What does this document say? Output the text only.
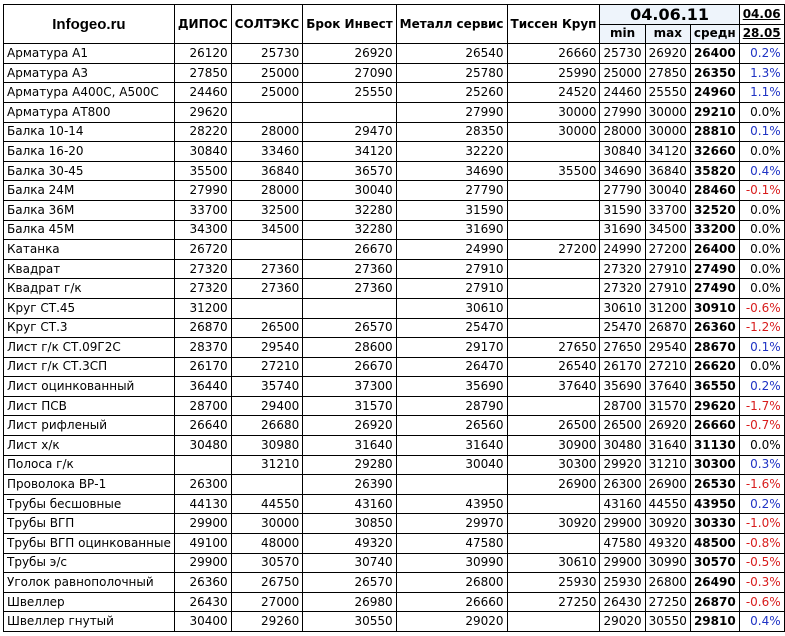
Infogeo.ru	ДИПОС	СОЛТЭКС	Брок Инвест	Металл сервис	Тиссен Круп	04.06.11			04.06
						min	max	средн	28.05
Арматура А1	26120	25730	26920	26540	26660	25730	26920	26400	0.2%
Арматура А3	27850	25000	27090	25780	25990	25000	27850	26350	1.3%
Арматура А400С, А500С	24460	25000	25550	25260	24520	24460	25550	24960	1.1%
Арматура АТ800	29620			27990	30000	27990	30000	29210	0.0%
Балка 10-14	28220	28000	29470	28350	30000	28000	30000	28810	0.1%
Балка 16-20	30840	33460	34120	32220		30840	34120	32660	0.0%
Балка 30-45	35500	36840	36570	34690	35500	34690	36840	35820	0.4%
Балка 24М	27990	28000	30040	27790		27790	30040	28460	-0.1%
Балка 36М	33700	32500	32280	31590		31590	33700	32520	0.0%
Балка 45М	34300	34500	32280	31690		31690	34500	33200	0.0%
Катанка	26720		26670	24990	27200	24990	27200	26400	0.0%
Квадрат	27320	27360	27360	27910		27320	27910	27490	0.0%
Квадрат г/к	27320	27360	27360	27910		27320	27910	27490	0.0%
Круг СТ.45	31200			30610		30610	31200	30910	-0.6%
Круг СТ.3	26870	26500	26570	25470		25470	26870	26360	-1.2%
Лист г/к СТ.09Г2С	28370	29540	28600	29170	27650	27650	29540	28670	0.1%
Лист г/к СТ.3СП	26170	27210	26670	26470	26540	26170	27210	26620	0.0%
Лист оцинкованный	36440	35740	37300	35690	37640	35690	37640	36550	0.2%
Лист ПСВ	28700	29400	31570	28790		28700	31570	29620	-1.7%
Лист рифленый	26640	26680	26920	26560	26500	26500	26920	26660	-0.7%
Лист х/к	30480	30980	31640	31640	30900	30480	31640	31130	0.0%
Полоса г/к		31210	29280	30040	30300	29920	31210	30300	0.3%
Проволока ВР-1	26300		26390		26900	26300	26900	26530	-1.6%
Трубы бесшовные	44130	44550	43160	43950		43160	44550	43950	0.2%
Трубы ВГП	29900	30000	30850	29970	30920	29900	30920	30330	-1.0%
Трубы ВГП оцинкованные	49100	48000	49320	47580		47580	49320	48500	-0.8%
Трубы э/с	29900	30570	30740	30990	30610	29900	30990	30570	-0.5%
Уголок равнополочный	26360	26750	26570	26800	25930	25930	26800	26490	-0.3%
Швеллер	26430	27000	26980	26660	27250	26430	27250	26870	-0.6%
Швеллер гнутый	30400	29260	30550	29020		29020	30550	29810	0.4%
